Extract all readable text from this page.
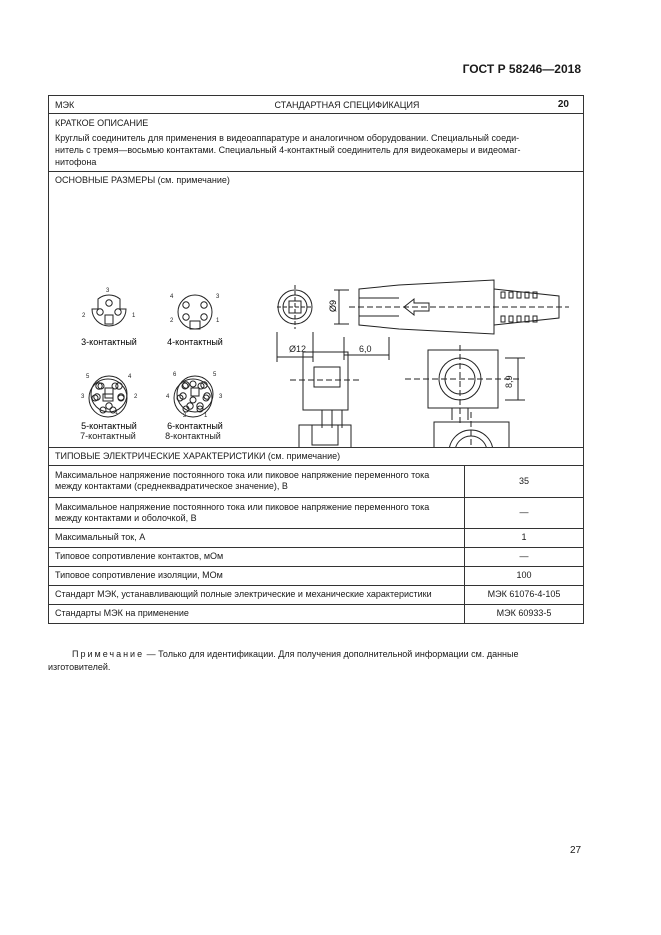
ГОСТ Р 58246—2018
МЭК	СТАНДАРТНАЯ СПЕЦИФИКАЦИЯ	20
КРАТКОЕ ОПИСАНИЕ
Круглый соединитель для применения в видеоаппаратуре и аналогичном оборудовании. Специальный соеди-
нитель с тремя—восьмью контактами. Специальный 4-контактный соединитель для видеокамеры и видеомаг-
нитофона
ОСНОВНЫЕ РАЗМЕРЫ (см. примечание)
3
2	1
4	3
2	1
5	4
3	2
1
6	5
4	3
2	1
Ø12	6,0
3-контактный	4-контактный
5-контактный	6-контактный
Ø9
ТИПОВЫЕ ЭЛЕКТРИЧЕСКИЕ ХАРАКТЕРИСТИКИ (см. примечание)
Максимальное напряжение постоянного тока или пиковое напряжение переменного тока
между контактами (среднеквадратическое значение), В	35
Максимальное напряжение постоянного тока или пиковое напряжение переменного тока
между контактами и оболочкой, В	—
Максимальный ток, А	1
Типовое сопротивление контактов, мОм	—
Типовое сопротивление изоляции, МОм	100
Стандарт МЭК, устанавливающий полные электрические и механические характеристики	МЭК 61076-4-105
Стандарты МЭК на применение	МЭК 60933-5
Примечание — Только для идентификации. Для получения дополнительной информации см. данные
изготовителей.
27
7-контактный	8-контактный
8,9
